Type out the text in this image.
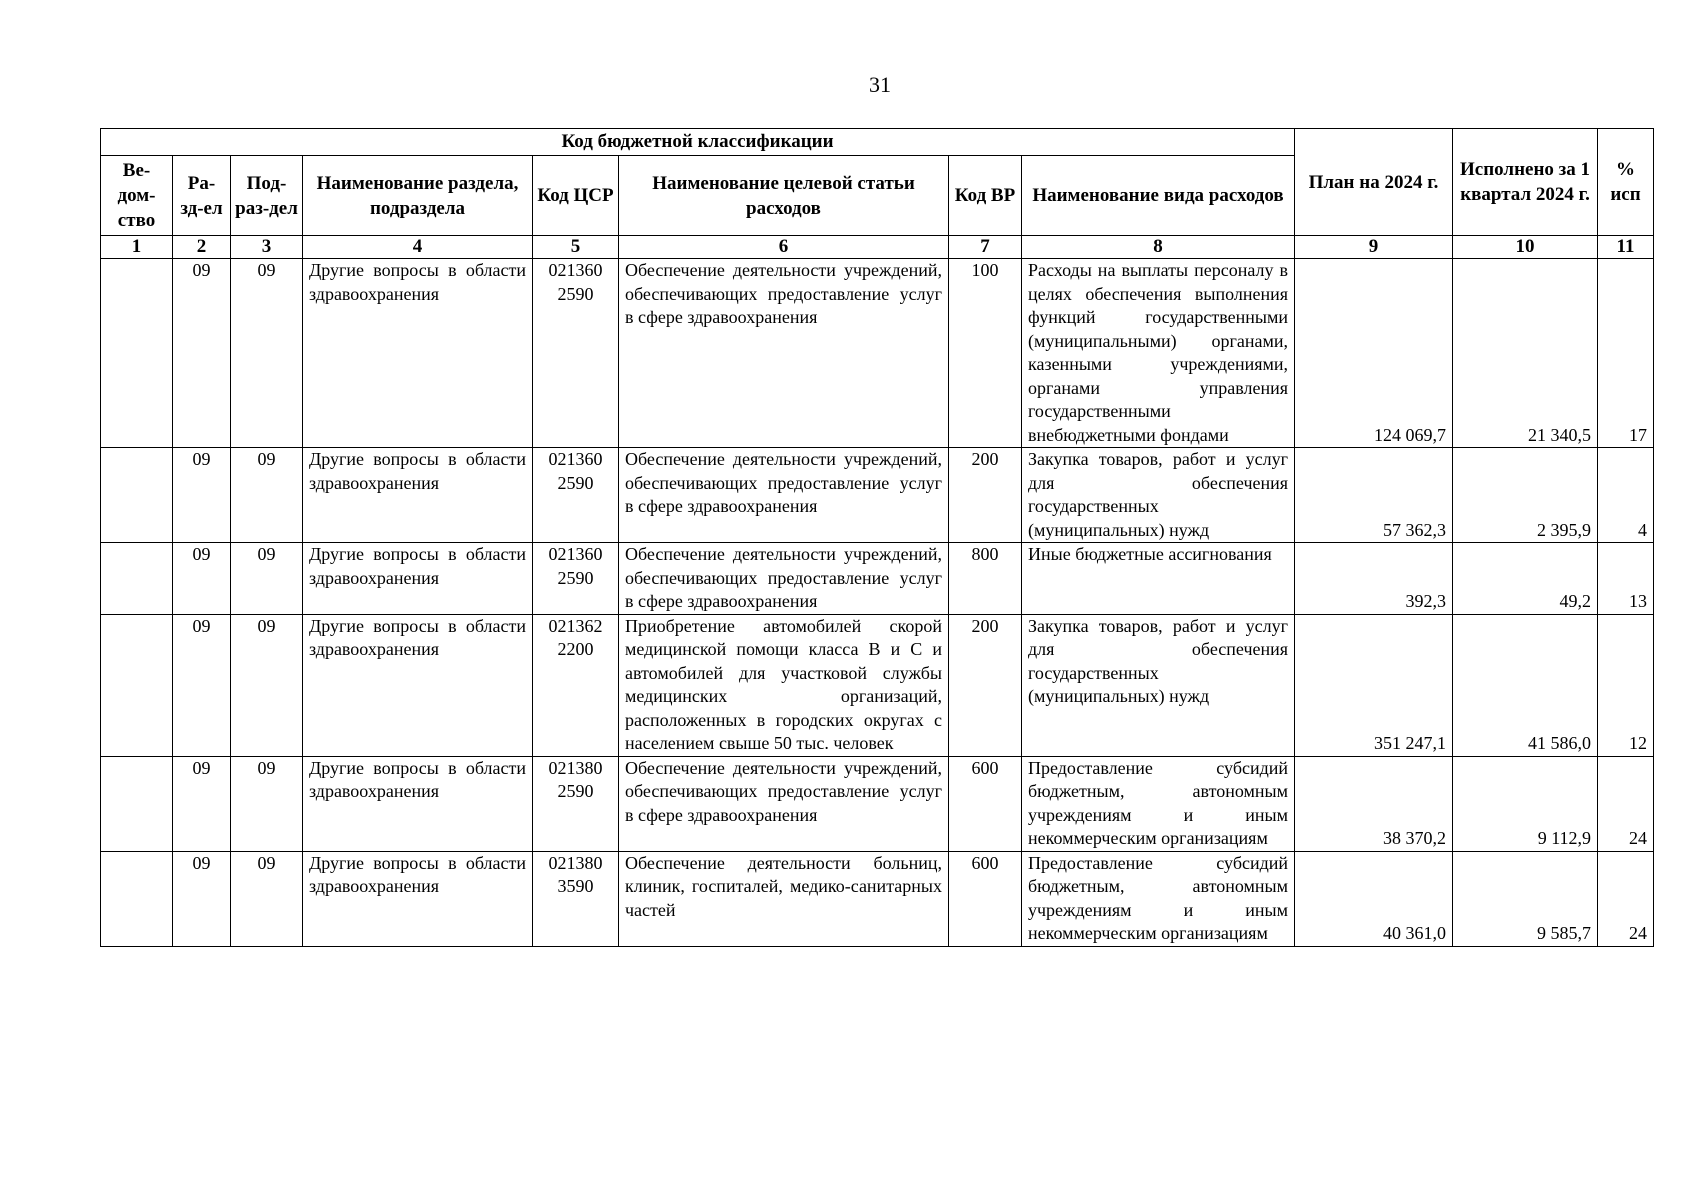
31
Код бюджетной классификации								План на 2024 г.	Исполнено за 1 квартал 2024 г.	% исп
Ве-дом-ство	Ра-зд-ел	Под-раз-дел	Наименование раздела, подраздела	Код ЦСР	Наименование целевой статьи расходов	Код ВР	Наименование вида расходов			
1	2	3	4	5	6	7	8	9	10	11
	09	09	Другие вопросы в области здравоохранения	021360 2590	Обеспечение деятельности учреждений, обеспечивающих предоставление услуг в сфере здравоохранения	100	Расходы на выплаты персоналу в целях обеспечения выполнения функций государственными (муниципальными) органами, казенными учреждениями, органами управления государственными внебюджетными фондами	124 069,7	21 340,5	17
	09	09	Другие вопросы в области здравоохранения	021360 2590	Обеспечение деятельности учреждений, обеспечивающих предоставление услуг в сфере здравоохранения	200	Закупка товаров, работ и услуг для обеспечения государственных (муниципальных) нужд	57 362,3	2 395,9	4
	09	09	Другие вопросы в области здравоохранения	021360 2590	Обеспечение деятельности учреждений, обеспечивающих предоставление услуг в сфере здравоохранения	800	Иные бюджетные ассигнования	392,3	49,2	13
	09	09	Другие вопросы в области здравоохранения	021362 2200	Приобретение автомобилей скорой медицинской помощи класса В и С и автомобилей для участковой службы медицинских организаций, расположенных в городских округах с населением свыше 50 тыс. человек	200	Закупка товаров, работ и услуг для обеспечения государственных (муниципальных) нужд	351 247,1	41 586,0	12
	09	09	Другие вопросы в области здравоохранения	021380 2590	Обеспечение деятельности учреждений, обеспечивающих предоставление услуг в сфере здравоохранения	600	Предоставление субсидий бюджетным, автономным учреждениям и иным некоммерческим организациям	38 370,2	9 112,9	24
	09	09	Другие вопросы в области здравоохранения	021380 3590	Обеспечение деятельности больниц, клиник, госпиталей, медико-санитарных частей	600	Предоставление субсидий бюджетным, автономным учреждениям и иным некоммерческим организациям	40 361,0	9 585,7	24
